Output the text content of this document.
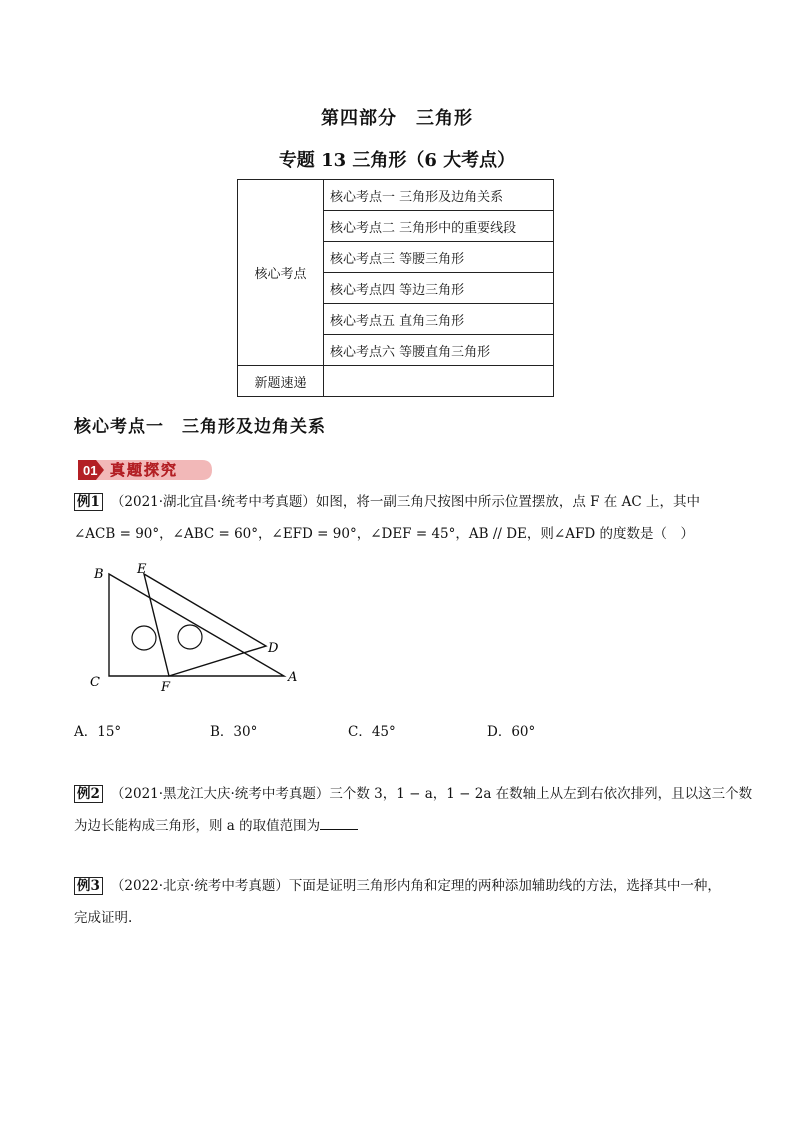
第四部分　三角形
专题 13 三角形（6 大考点）
核心考点	核心考点一 三角形及边角关系
	核心考点二 三角形中的重要线段
	核心考点三 等腰三角形
	核心考点四 等边三角形
	核心考点五 直角三角形
	核心考点六 等腰直角三角形
新题速递	
核心考点一　三角形及边角关系
01 真题探究
例1 （2021·湖北宜昌·统考中考真题）如图，将一副三角尺按图中所示位置摆放，点 F 在 AC 上，其中
∠ACB = 90°，∠ABC = 60°，∠EFD = 90°，∠DEF = 45°，AB // DE，则∠AFD 的度数是（　）
B	E
D
C	F
A
A．15°	B．30°	C．45°	D．60°
例2 （2021·黑龙江大庆·统考中考真题）三个数 3，1 − a，1 − 2a 在数轴上从左到右依次排列，且以这三个数
为边长能构成三角形，则 a 的取值范围为
例3 （2022·北京·统考中考真题）下面是证明三角形内角和定理的两种添加辅助线的方法，选择其中一种，
完成证明.
